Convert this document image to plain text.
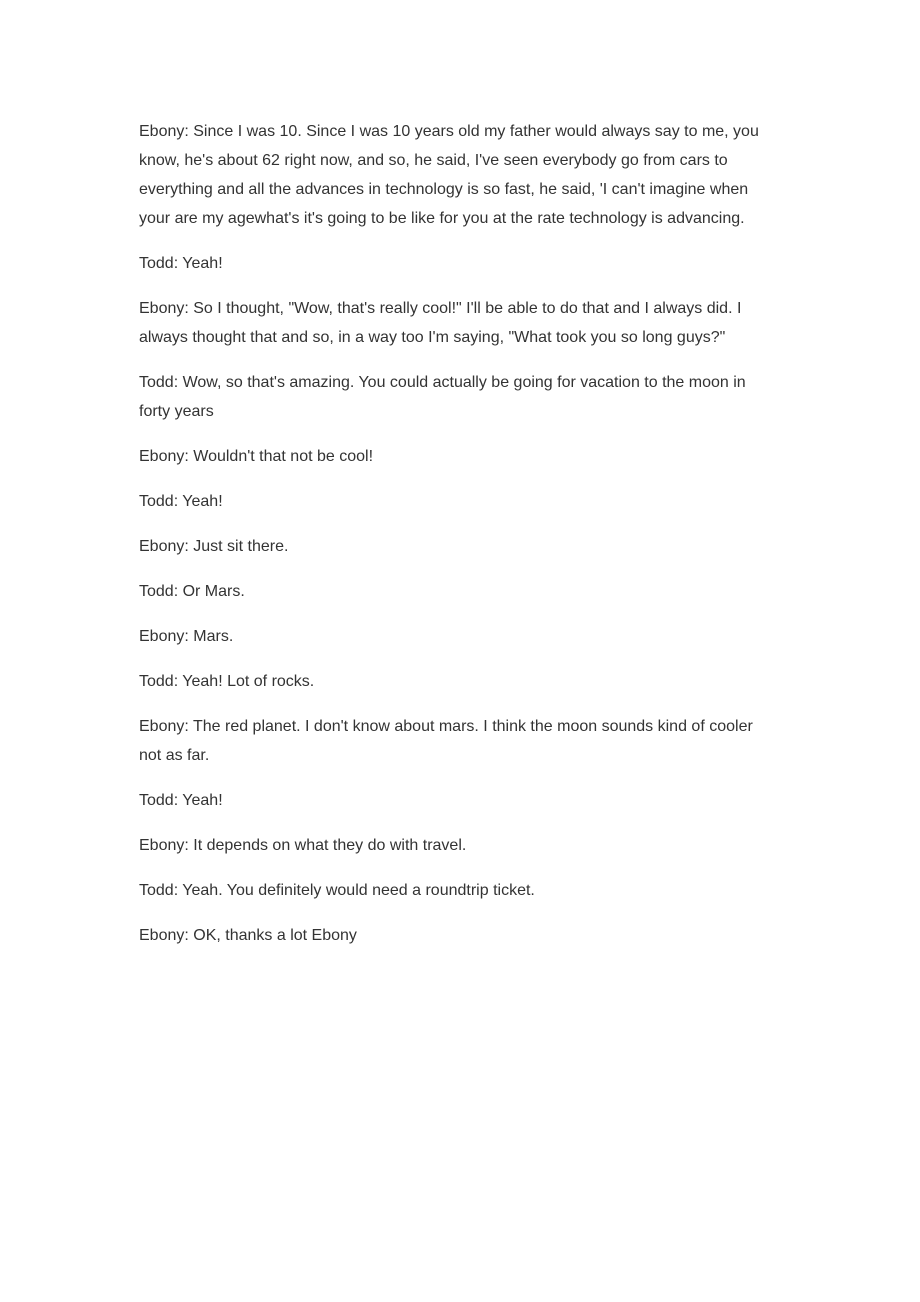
Ebony: Since I was 10. Since I was 10 years old my father would always say to me, you know, he's about 62 right now, and so, he said, I've seen everybody go from cars to everything and all the advances in technology is so fast, he said, 'I can't imagine when your are my agewhat's it's going to be like for you at the rate technology is advancing.

Todd: Yeah!

Ebony: So I thought, "Wow, that's really cool!" I'll be able to do that and I always did. I always thought that and so, in a way too I'm saying, "What took you so long guys?"

Todd: Wow, so that's amazing. You could actually be going for vacation to the moon in forty years

Ebony: Wouldn't that not be cool!

Todd: Yeah!

Ebony: Just sit there.

Todd: Or Mars.

Ebony: Mars.

Todd: Yeah! Lot of rocks.

Ebony: The red planet. I don't know about mars. I think the moon sounds kind of cooler not as far.

Todd: Yeah!

Ebony: It depends on what they do with travel.

Todd: Yeah. You definitely would need a roundtrip ticket.

Ebony: OK, thanks a lot Ebony
